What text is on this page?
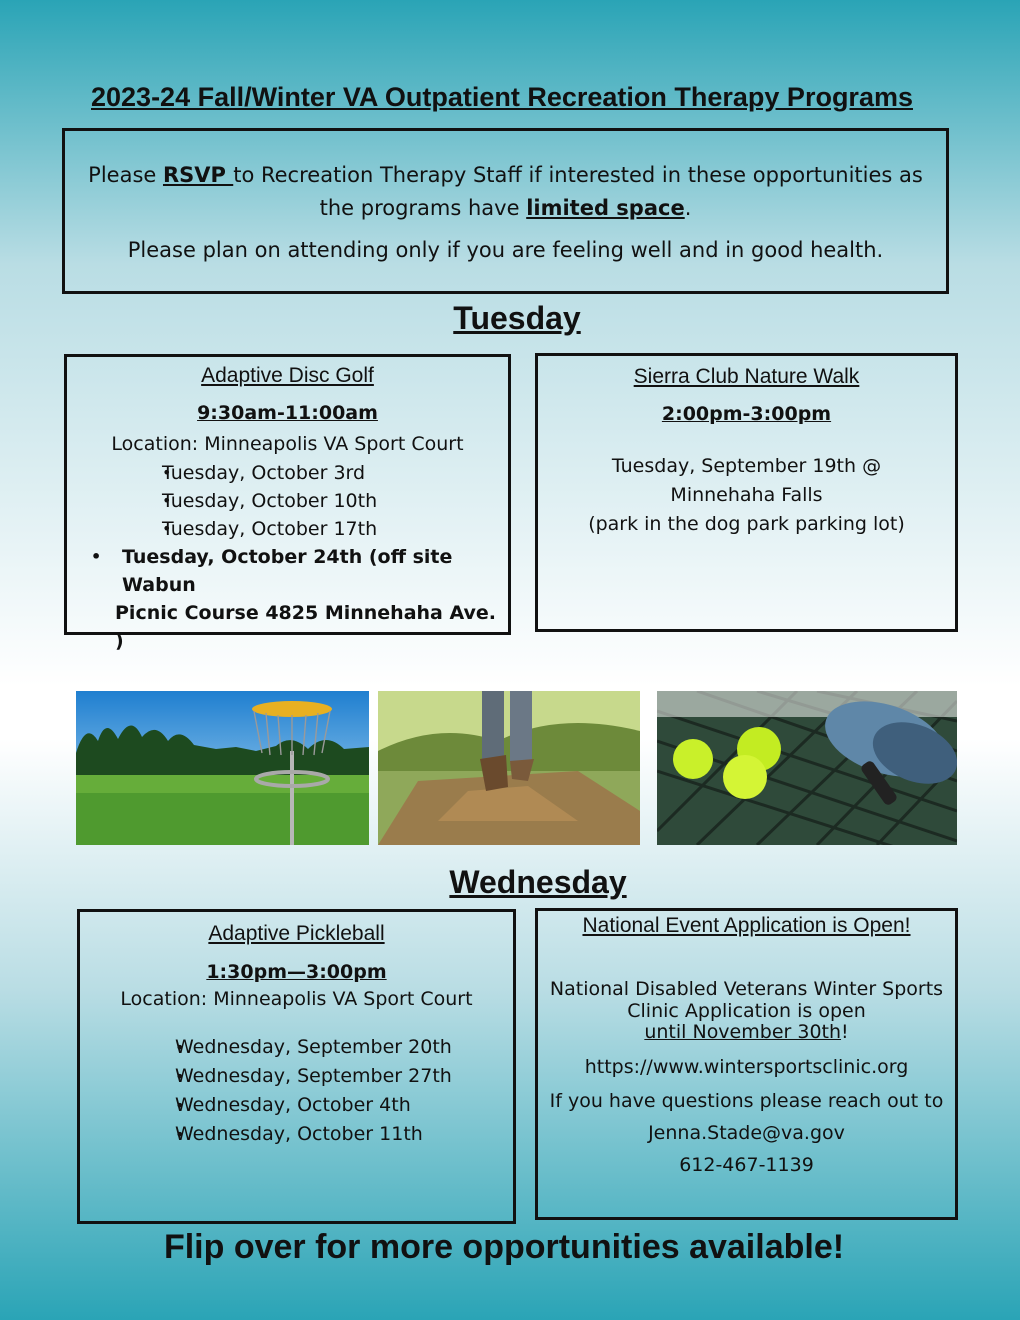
2023-24 Fall/Winter VA Outpatient Recreation Therapy Programs

Please RSVP to Recreation Therapy Staff if interested in these opportunities as

the programs have limited space.

Please plan on attending only if you are feeling well and in good health.

Tuesday
Adaptive Disc Golf
9:30am-11:00am
Location: Minneapolis VA Sport Court
• Tuesday, October 3rd
• Tuesday, October 10th
• Tuesday, October 17th
• Tuesday, October 24th (off site Wabun
Picnic Course 4825 Minnehaha Ave. )
Sierra Club Nature Walk
2:00pm-3:00pm
Tuesday, September 19th @
Minnehaha Falls
(park in the dog park parking lot)
Wednesday
Adaptive Pickleball
1:30pm—3:00pm
Location: Minneapolis VA Sport Court
• Wednesday, September 20th
• Wednesday, September 27th
• Wednesday, October 4th
• Wednesday, October 11th
National Event Application is Open!
National Disabled Veterans Winter Sports
Clinic Application is open
until November 30th!
https://www.wintersportsclinic.org
If you have questions please reach out to
Jenna.Stade@va.gov
612-467-1139
Flip over for more opportunities available!
